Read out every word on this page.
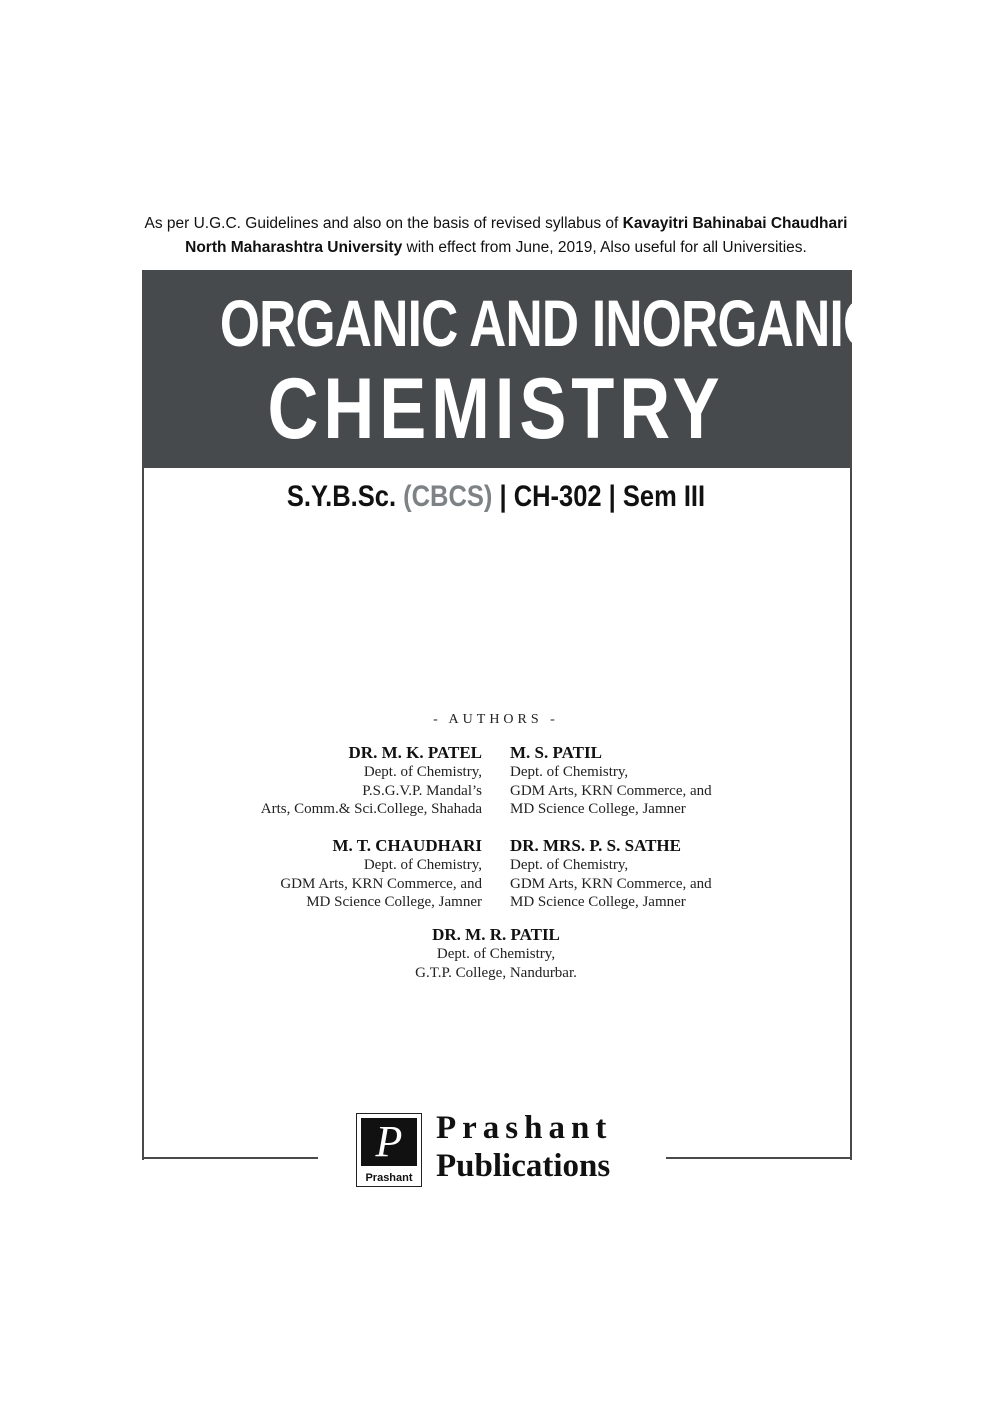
As per U.G.C. Guidelines and also on the basis of revised syllabus of Kavayitri Bahinabai Chaudhari
North Maharashtra University with effect from June, 2019, Also useful for all Universities.
ORGANIC AND INORGANIC
CHEMISTRY
S.Y.B.Sc. (CBCS) | CH-302 | Sem III
- AUTHORS -
DR. M. K. PATEL
Dept. of Chemistry,
P.S.G.V.P. Mandal’s
Arts, Comm.& Sci.College, Shahada
M. S. PATIL
Dept. of Chemistry,
GDM Arts, KRN Commerce, and
MD Science College, Jamner
M. T. CHAUDHARI
Dept. of Chemistry,
GDM Arts, KRN Commerce, and
MD Science College, Jamner
DR. MRS. P. S. SATHE
Dept. of Chemistry,
GDM Arts, KRN Commerce, and
MD Science College, Jamner
DR. M. R. PATIL
Dept. of Chemistry,
G.T.P. College, Nandurbar.
P
Prashant
Prashant
Publications
